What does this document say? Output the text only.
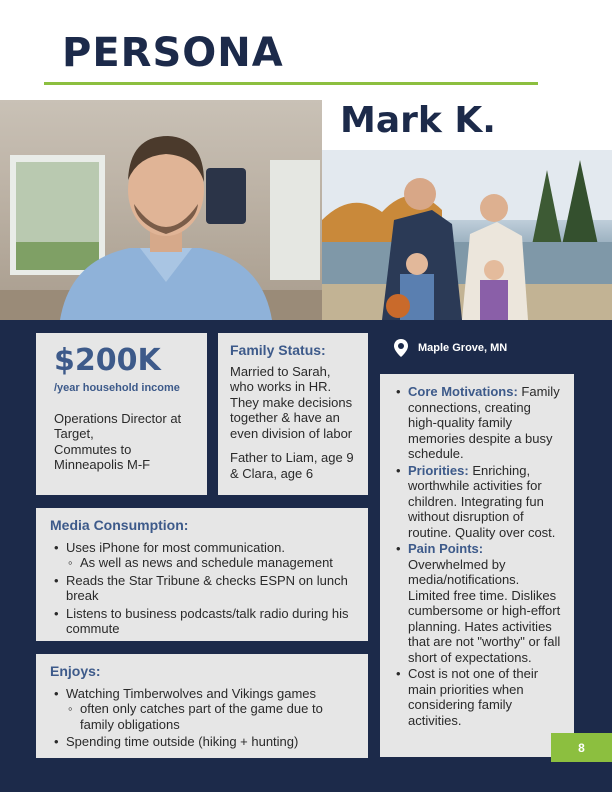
PERSONA
Mark K.
$200K
/year household income
Operations Director at Target,
Commutes to Minneapolis M-F
Family Status:

Married to Sarah, who works in HR. They make decisions together & have an even division of labor

Father to Liam, age 9 & Clara, age 6

Maple Grove, MN
Media Consumption:
• Uses iPhone for most communication.
◦ As well as news and schedule management
• Reads the Star Tribune & checks ESPN on lunch break
• Listens to business podcasts/talk radio during his commute
Enjoys:
• Watching Timberwolves and Vikings games
◦ often only catches part of the game due to family obligations
• Spending time outside (hiking + hunting)
• Core Motivations: Family connections, creating high-quality family memories despite a busy schedule.
• Priorities: Enriching, worthwhile activities for children. Integrating fun without disruption of routine. Quality over cost.
• Pain Points: Overwhelmed by media/notifications. Limited free time. Dislikes cumbersome or high-effort planning. Hates activities that are not "worthy" or fall short of expectations.
• Cost is not one of their main priorities when considering family activities.
8
